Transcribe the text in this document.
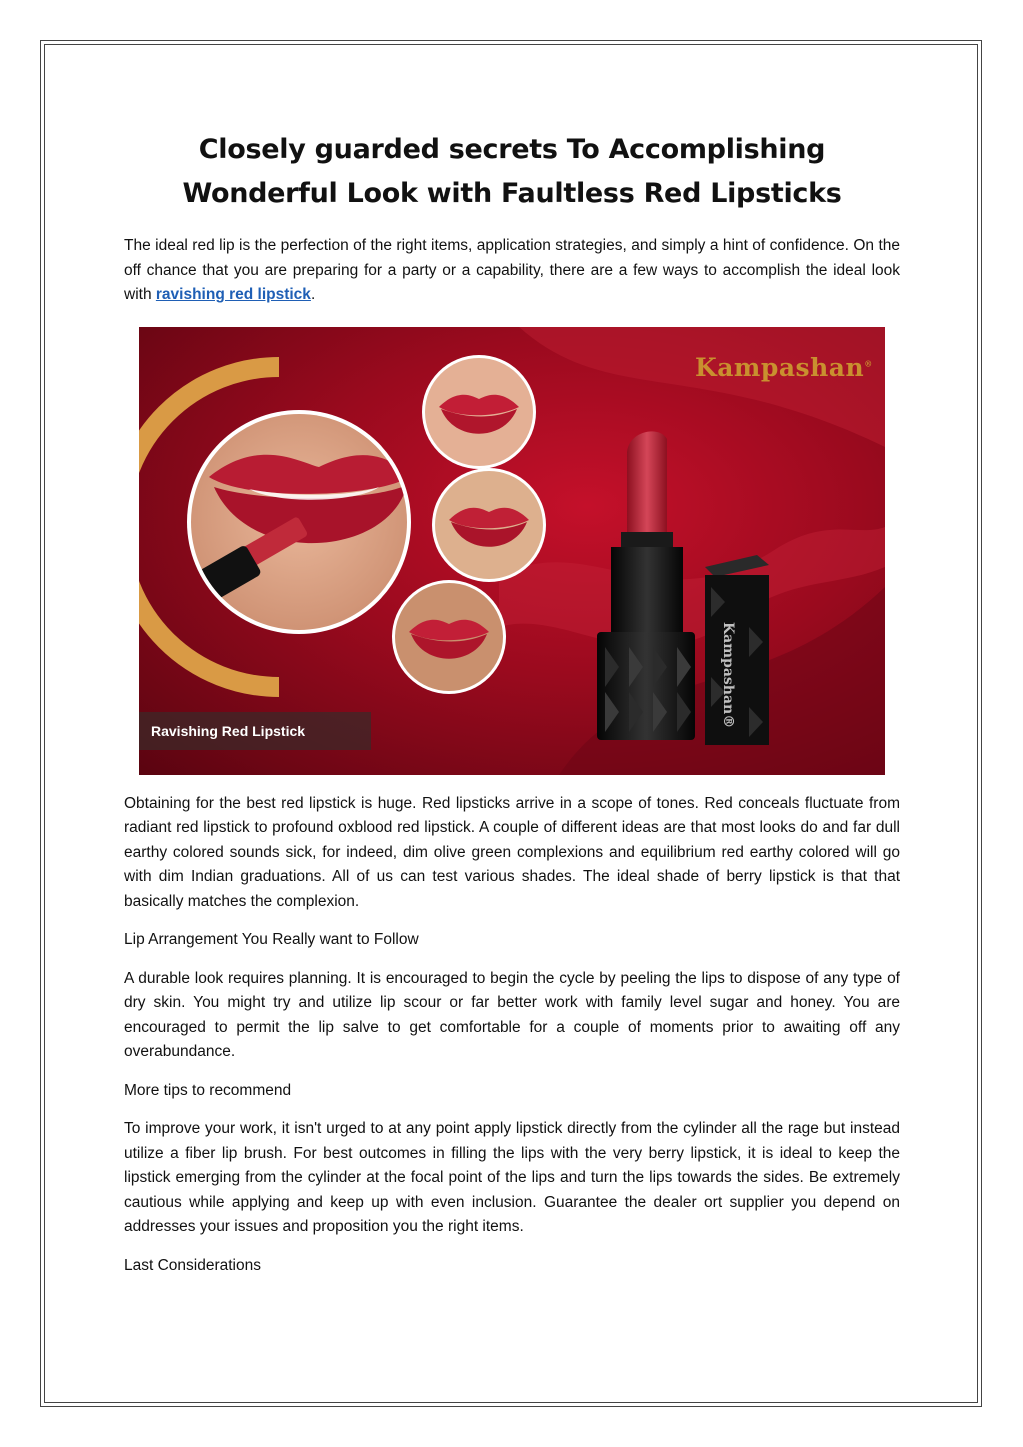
Closely guarded secrets To Accomplishing Wonderful Look with Faultless Red Lipsticks

The ideal red lip is the perfection of the right items, application strategies, and simply a hint of confidence. On the off chance that you are preparing for a party or a capability, there are a few ways to accomplish the ideal look with ravishing red lipstick.

Kampashan®
Kampashan®
Ravishing Red Lipstick

Obtaining for the best red lipstick is huge. Red lipsticks arrive in a scope of tones. Red conceals fluctuate from radiant red lipstick to profound oxblood red lipstick. A couple of different ideas are that most looks do and far dull earthy colored sounds sick, for indeed, dim olive green complexions and equilibrium red earthy colored will go with dim Indian graduations. All of us can test various shades. The ideal shade of berry lipstick is that that basically matches the complexion.

Lip Arrangement You Really want to Follow

A durable look requires planning. It is encouraged to begin the cycle by peeling the lips to dispose of any type of dry skin. You might try and utilize lip scour or far better work with family level sugar and honey. You are encouraged to permit the lip salve to get comfortable for a couple of moments prior to awaiting off any overabundance.

More tips to recommend

To improve your work, it isn't urged to at any point apply lipstick directly from the cylinder all the rage but instead utilize a fiber lip brush. For best outcomes in filling the lips with the very berry lipstick, it is ideal to keep the lipstick emerging from the cylinder at the focal point of the lips and turn the lips towards the sides. Be extremely cautious while applying and keep up with even inclusion. Guarantee the dealer ort supplier you depend on addresses your issues and proposition you the right items.

Last Considerations
